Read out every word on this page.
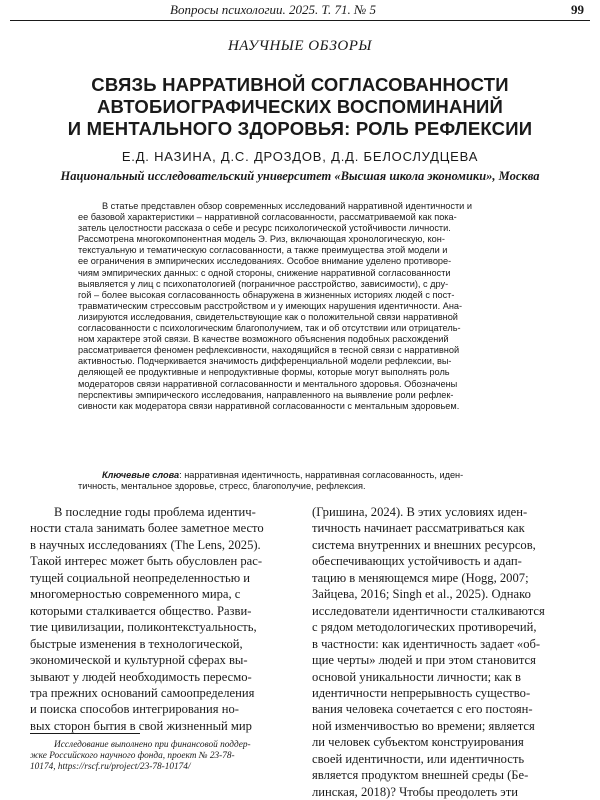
Вопросы психологии. 2025. Т. 71. № 5	99
НАУЧНЫЕ ОБЗОРЫ
СВЯЗЬ НАРРАТИВНОЙ СОГЛАСОВАННОСТИ
АВТОБИОГРАФИЧЕСКИХ ВОСПОМИНАНИЙ
И МЕНТАЛЬНОГО ЗДОРОВЬЯ: РОЛЬ РЕФЛЕКСИИ
Е.Д. НАЗИНА, Д.С. ДРОЗДОВ, Д.Д. БЕЛОСЛУДЦЕВА
Национальный исследовательский университет «Высшая школа экономики», Москва
В статье представлен обзор современных исследований нарративной идентичности и
ее базовой характеристики – нарративной согласованности, рассматриваемой как пока-
затель целостности рассказа о себе и ресурс психологической устойчивости личности.
Рассмотрена многокомпонентная модель Э. Риз, включающая хронологическую, кон-
текстуальную и тематическую согласованности, а также преимущества этой модели и
ее ограничения в эмпирических исследованиях. Особое внимание уделено противоре-
чиям эмпирических данных: с одной стороны, снижение нарративной согласованности
выявляется у лиц с психопатологией (пограничное расстройство, зависимости), с дру-
гой – более высокая согласованность обнаружена в жизненных историях людей с пост-
травматическим стрессовым расстройством и у имеющих нарушения идентичности. Ана-
лизируются исследования, свидетельствующие как о положительной связи нарративной
согласованности с психологическим благополучием, так и об отсутствии или отрицатель-
ном характере этой связи. В качестве возможного объяснения подобных расхождений
рассматривается феномен рефлексивности, находящийся в тесной связи с нарративной
активностью. Подчеркивается значимость дифференциальной модели рефлексии, вы-
деляющей ее продуктивные и непродуктивные формы, которые могут выполнять роль
модераторов связи нарративной согласованности и ментального здоровья. Обозначены
перспективы эмпирического исследования, направленного на выявление роли рефлек-
сивности как модератора связи нарративной согласованности с ментальным здоровьем.
Ключевые слова: нарративная идентичность, нарративная согласованность, иден-
тичность, ментальное здоровье, стресс, благополучие, рефлексия.
В последние годы проблема идентич-
ности стала занимать более заметное место
в научных исследованиях (The Lens, 2025).
Такой интерес может быть обусловлен рас-
тущей социальной неопределенностью и
многомерностью современного мира, с
которыми сталкивается общество. Разви-
тие цивилизации, поликонтекстуальность,
быстрые изменения в технологической,
экономической и культурной сферах вы-
зывают у людей необходимость пересмо-
тра прежних оснований самоопределения
и поиска способов интегрирования но-
вых сторон бытия в свой жизненный мир
(Гришина, 2024). В этих условиях иден-
тичность начинает рассматриваться как
система внутренних и внешних ресурсов,
обеспечивающих устойчивость и адап-
тацию в меняющемся мире (Hogg, 2007;
Зайцева, 2016; Singh et al., 2025). Однако
исследователи идентичности сталкиваются
с рядом методологических противоречий,
в частности: как идентичность задает «об-
щие черты» людей и при этом становится
основой уникальности личности; как в
идентичности непрерывность существо-
вания человека сочетается с его постоян-
ной изменчивостью во времени; является
ли человек субъектом конструирования
своей идентичности, или идентичность
является продуктом внешней среды (Бе-
линская, 2018)? Чтобы преодолеть эти
Исследование выполнено при финансовой поддер-
жке Российского научного фонда, проект № 23-78-
10174, https://rscf.ru/project/23-78-10174/
